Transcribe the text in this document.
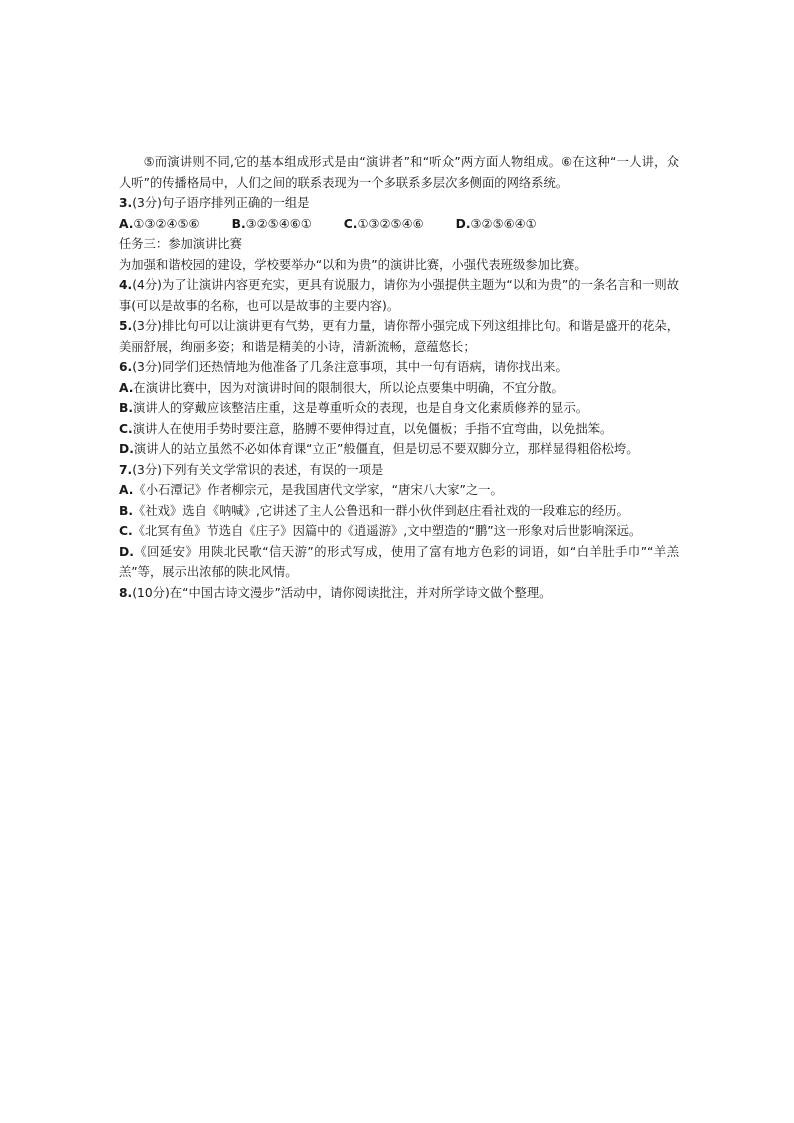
⑤而演讲则不同,它的基本组成形式是由“演讲者”和“听众”两方面人物组成。⑥在这种“一人讲，众人听”的传播格局中，人们之间的联系表现为一个多联系多层次多侧面的网络系统。

3.(3分)句子语序排列正确的一组是

A.①③②④⑤⑥	B.③②⑤④⑥①	C.①③②⑤④⑥	D.③②⑤⑥④①

任务三：参加演讲比赛

为加强和谐校园的建设，学校要举办“以和为贵”的演讲比赛，小强代表班级参加比赛。

4.(4分)为了让演讲内容更充实，更具有说服力，请你为小强提供主题为“以和为贵”的一条名言和一则故事(可以是故事的名称，也可以是故事的主要内容)。

5.(3分)排比句可以让演讲更有气势，更有力量，请你帮小强完成下列这组排比句。和谐是盛开的花朵，美丽舒展，绚丽多姿；和谐是精美的小诗，清新流畅，意蕴悠长；

6.(3分)同学们还热情地为他准备了几条注意事项，其中一句有语病，请你找出来。

A.在演讲比赛中，因为对演讲时间的限制很大，所以论点要集中明确，不宜分散。

B.演讲人的穿戴应该整洁庄重，这是尊重听众的表现，也是自身文化素质修养的显示。

C.演讲人在使用手势时要注意，胳膊不要伸得过直，以免僵板；手指不宜弯曲，以免拙笨。

D.演讲人的站立虽然不必如体育课“立正”般僵直，但是切忌不要双脚分立，那样显得粗俗松垮。

7.(3分)下列有关文学常识的表述，有误的一项是

A.《小石潭记》作者柳宗元，是我国唐代文学家，“唐宋八大家”之一。

B.《社戏》选自《呐喊》,它讲述了主人公鲁迅和一群小伙伴到赵庄看社戏的一段难忘的经历。

C.《北冥有鱼》节选自《庄子》因篇中的《逍遥游》,文中塑造的“鹏”这一形象对后世影响深远。

D.《回延安》用陕北民歌“信天游”的形式写成，使用了富有地方色彩的词语，如“白羊肚手巾”“羊羔羔”等，展示出浓郁的陕北风情。

8.(10分)在“中国古诗文漫步”活动中，请你阅读批注，并对所学诗文做个整理。
